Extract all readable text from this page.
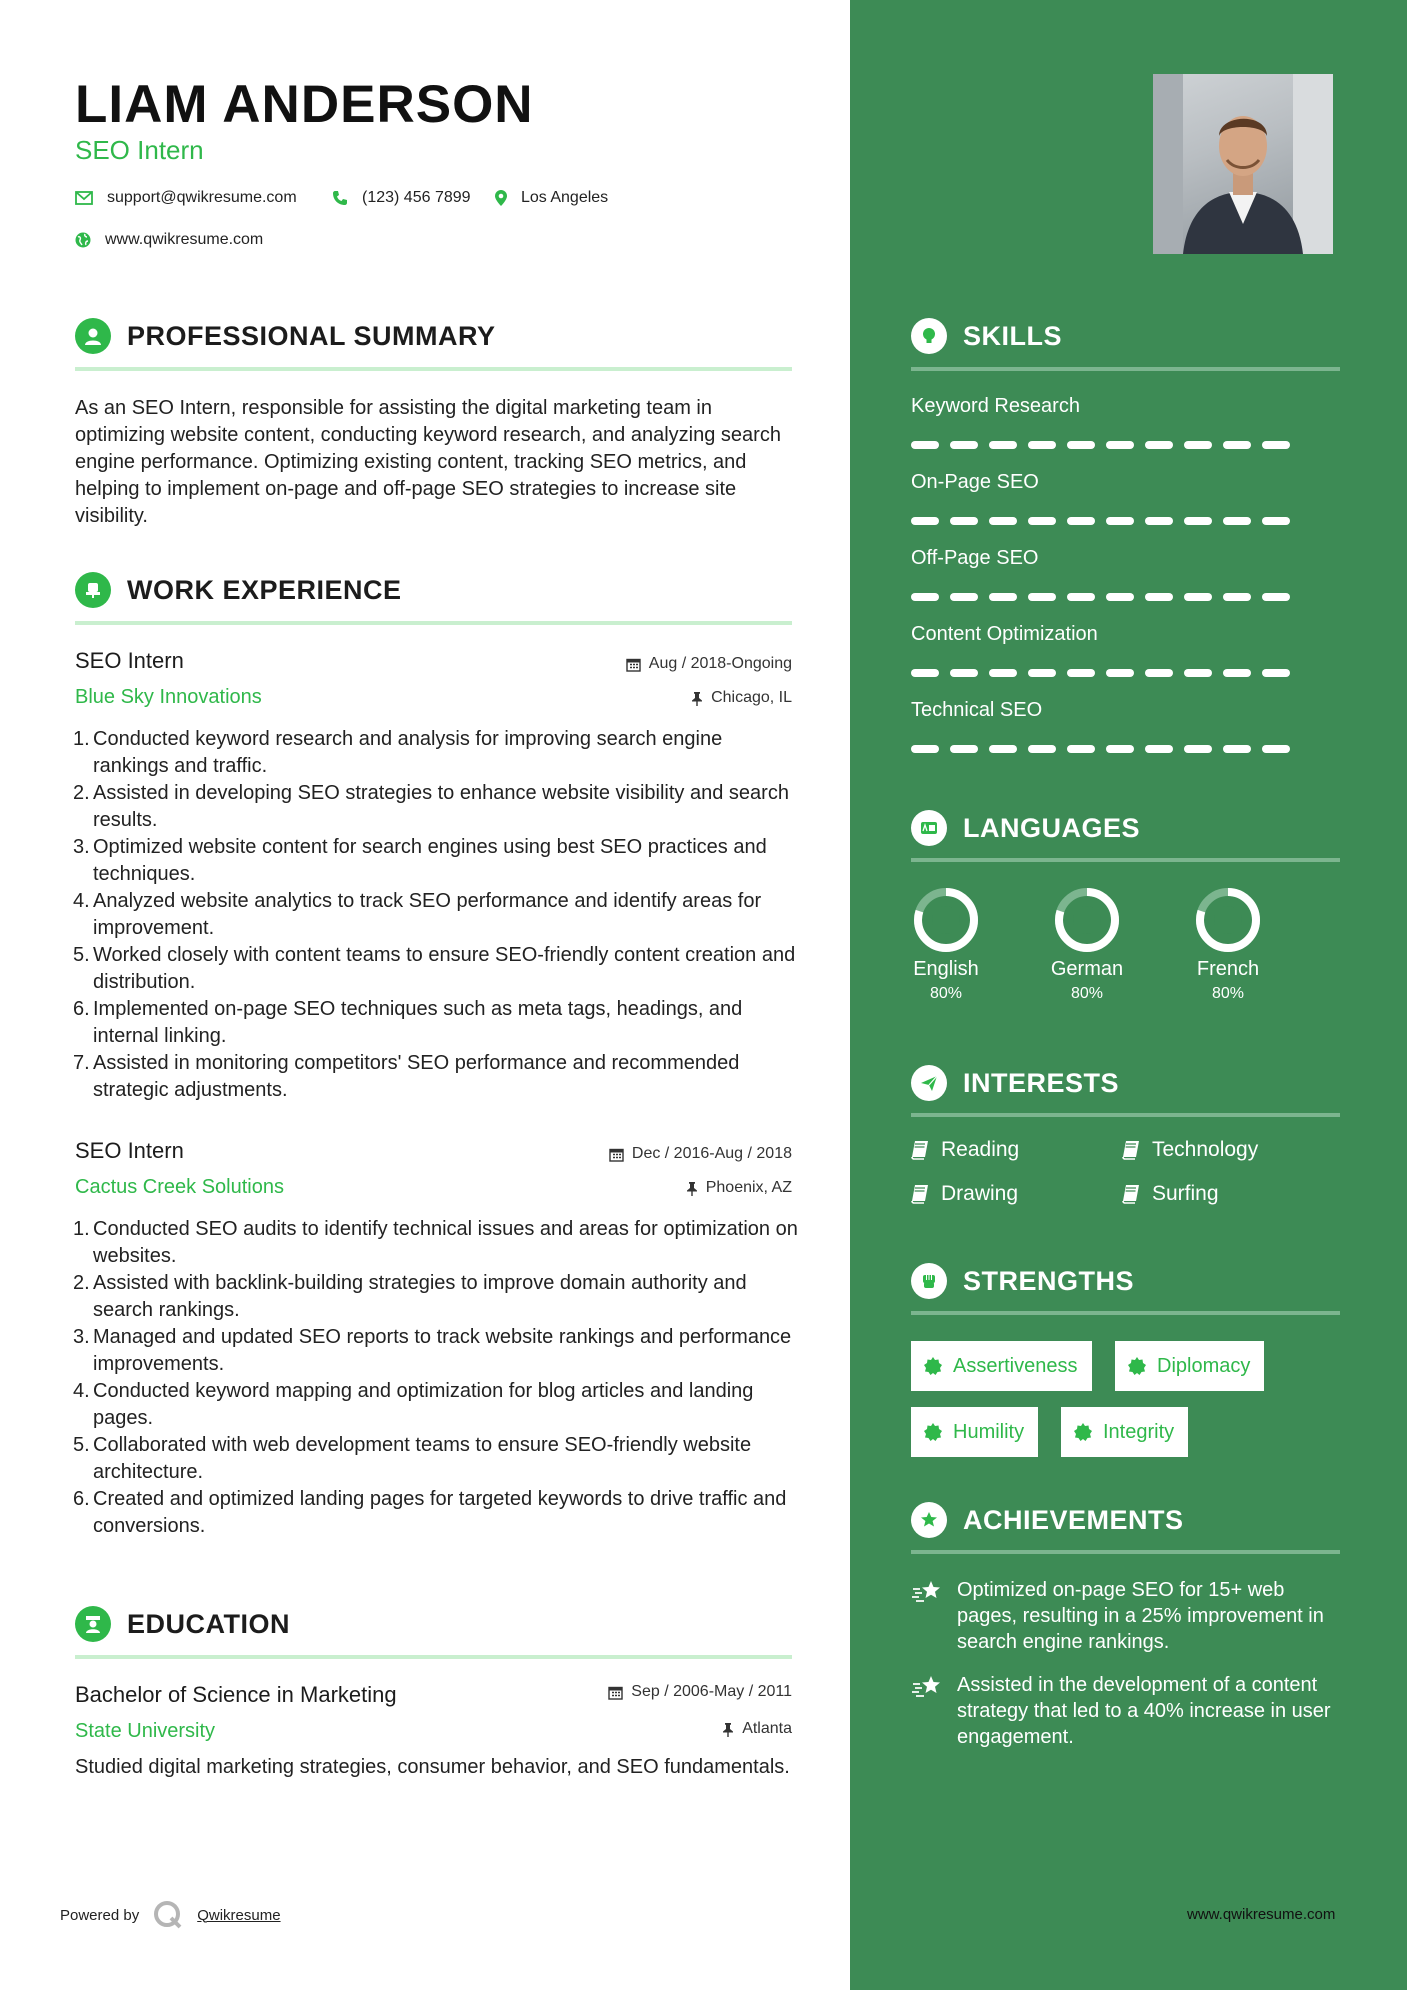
LIAM ANDERSON
SEO Intern
support@qwikresume.com	(123) 456 7899	Los Angeles
www.qwikresume.com
PROFESSIONAL SUMMARY
As an SEO Intern, responsible for assisting the digital marketing team in optimizing website content, conducting keyword research, and analyzing search engine performance. Optimizing existing content, tracking SEO metrics, and helping to implement on-page and off-page SEO strategies to increase site visibility.
WORK EXPERIENCE
SEO Intern	Aug / 2018-Ongoing
Blue Sky Innovations	Chicago, IL
1. Conducted keyword research and analysis for improving search engine rankings and traffic.
2. Assisted in developing SEO strategies to enhance website visibility and search results.
3. Optimized website content for search engines using best SEO practices and techniques.
4. Analyzed website analytics to track SEO performance and identify areas for improvement.
5. Worked closely with content teams to ensure SEO-friendly content creation and distribution.
6. Implemented on-page SEO techniques such as meta tags, headings, and internal linking.
7. Assisted in monitoring competitors' SEO performance and recommended strategic adjustments.
SEO Intern	Dec / 2016-Aug / 2018
Cactus Creek Solutions	Phoenix, AZ
1. Conducted SEO audits to identify technical issues and areas for optimization on websites.
2. Assisted with backlink-building strategies to improve domain authority and search rankings.
3. Managed and updated SEO reports to track website rankings and performance improvements.
4. Conducted keyword mapping and optimization for blog articles and landing pages.
5. Collaborated with web development teams to ensure SEO-friendly website architecture.
6. Created and optimized landing pages for targeted keywords to drive traffic and conversions.
EDUCATION
Bachelor of Science in Marketing	Sep / 2006-May / 2011
State University	Atlanta
Studied digital marketing strategies, consumer behavior, and SEO fundamentals.
Powered by	Qwikresume
SKILLS
Keyword Research
On-Page SEO
Off-Page SEO
Content Optimization
Technical SEO
LANGUAGES
English
80%
German
80%
French
80%
INTERESTS
Reading	Technology
Drawing	Surfing
STRENGTHS
Assertiveness	Diplomacy
Humility	Integrity
ACHIEVEMENTS
Optimized on-page SEO for 15+ web pages, resulting in a 25% improvement in search engine rankings.
Assisted in the development of a content strategy that led to a 40% increase in user engagement.
www.qwikresume.com
